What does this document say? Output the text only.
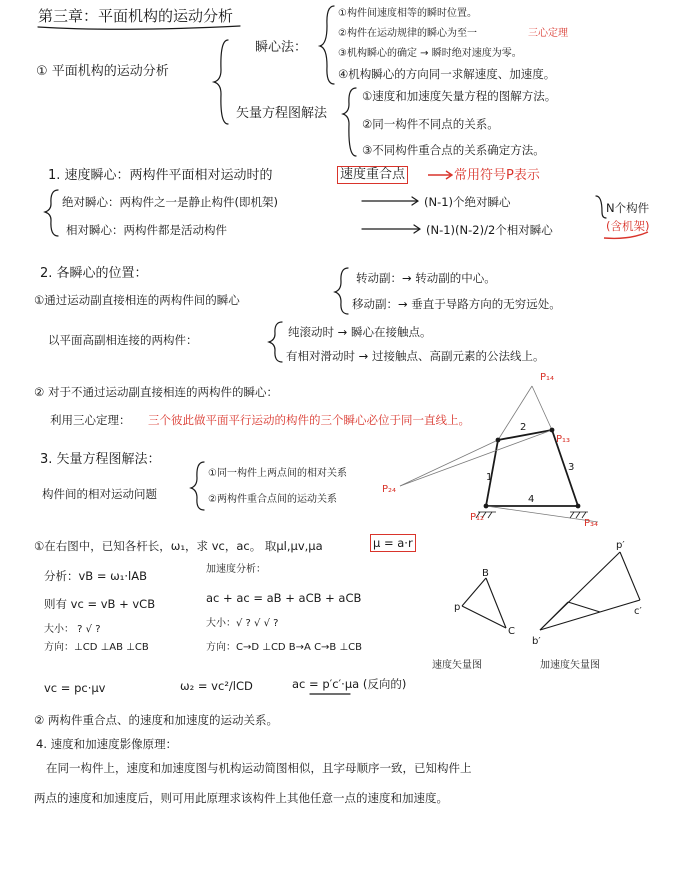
第三章：平面机构的运动分析
① 平面机构的运动分析
瞬心法：
①构件间速度相等的瞬时位置。
②构件在运动规律的瞬心为至一	三心定理
③机构瞬心的确定 → 瞬时绝对速度为零。
④机构瞬心的方向同一求解速度、加速度。
矢量方程图解法
①速度和加速度矢量方程的图解方法。
②同一构件不同点的关系。
③不同构件重合点的关系确定方法。
1. 速度瞬心：两构件平面相对运动时的	速度重合点	常用符号P表示
绝对瞬心：两构件之一是静止构件(即机架)	(N-1)个绝对瞬心
相对瞬心：两构件都是活动构件	(N-1)(N-2)/2个相对瞬心
N个构件
(含机架)
2. 各瞬心的位置：
①通过运动副直接相连的两构件间的瞬心
转动副：→ 转动副的中心。
移动副：→ 垂直于导路方向的无穷远处。
以平面高副相连接的两构件：
纯滚动时 → 瞬心在接触点。
有相对滑动时 → 过接触点、高副元素的公法线上。
② 对于不通过运动副直接相连的两构件的瞬心：
利用三心定理： 三个彼此做平面平行运动的构件的三个瞬心必位于同一直线上。
3. 矢量方程图解法：
构件间的相对运动问题
①同一构件上两点间的相对关系
②两构件重合点间的运动关系
①在右图中，已知各杆长，ω₁，求 vc，ac。 取μl,μv,μa	μ = a·r
分析：vB = ω₁·lAB	加速度分析：
则有 vc = vB + vCB	ac + ac = aB + aCB + aCB
大小： ? √ ?
方向：⊥CD ⊥AB ⊥CB
大小：√ ? √ √ ?
方向：C→D ⊥CD B→A C→B ⊥CB
vc = pc·μv	ω₂ = vc²/lCD	ac = p′c′·μa (反向的)
速度矢量图	加速度矢量图
② 两构件重合点、的速度和加速度的运动关系。
4. 速度和加速度影像原理：
在同一构件上，速度和加速度图与机构运动简图相似，且字母顺序一致，已知构件上
两点的速度和加速度后，则可用此原理求该构件上其他任意一点的速度和加速度。
P₁₄
P₁₃
P₂₄
P₁₂
P₃₄
1
2
3
4
p
B
C
p′
b′
c′
